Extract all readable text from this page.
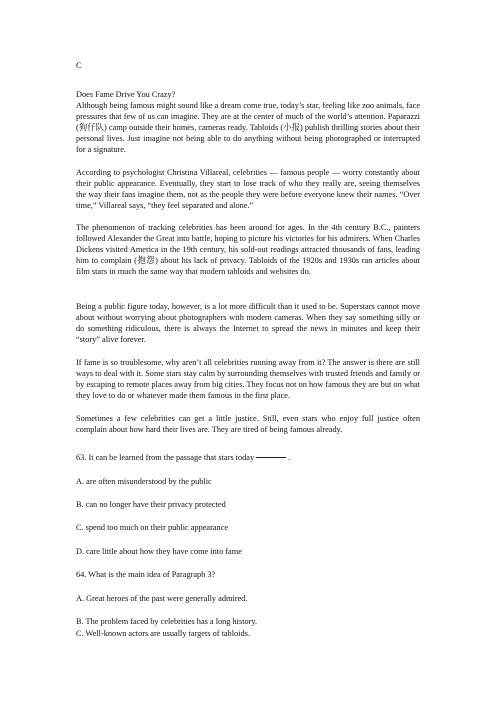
C
Does Fame Drive You Crazy?
Although being famous might sound like a dream come true, today’s star, feeling like zoo animals, face pressures that few of us can imagine. They are at the center of much of the world’s attention. Paparazzi (狗仔队) camp outside their homes, cameras ready. Tabloids (小报) publish thrilling stories about their personal lives. Just imagine not being able to do anything without being photographed or interrupted for a signature.
According to psychologist Christina Villareal, celebrities — famous people — worry constantly about their public appearance. Eventually, they start to lose track of who they really are, seeing themselves the way their fans imagine them, not as the people they were before everyone knew their names. “Over time,” Villareal says, “they feel separated and alone.”
The phenomenon of tracking celebrities has been around for ages. In the 4th century B.C., painters followed Alexander the Great into battle, hoping to picture his victories for his admirers. When Charles Dickens visited America in the 19th century, his sold-out readings attracted thousands of fans, leading him to complain (抱怨) about his lack of privacy. Tabloids of the 1920s and 1930s ran articles about film stars in much the same way that modern tabloids and websites do.
Being a public figure today, however, is a lot more difficult than it used to be. Superstars cannot move about without worrying about photographers with modern cameras. When they say something silly or do something ridiculous, there is always the Internet to spread the news in minutes and keep their “story” alive forever.
If fame is so troublesome, why aren’t all celebrities running away from it? The answer is there are still ways to deal with it. Some stars stay calm by surrounding themselves with trusted friends and family or by escaping to remote places away from big cities. They focus not on how famous they are but on what they love to do or whatever made them famous in the first place.
Sometimes a few celebrities can get a little justice. Still, even stars who enjoy full justice often complain about how hard their lives are. They are tired of being famous already.
63. It can be learned from the passage that stars today	.
A. are often misunderstood by the public
B. can no longer have their privacy protected
C. spend too much on their public appearance
D. care little about how they have come into fame
64. What is the main idea of Paragraph 3?
A. Great heroes of the past were generally admired.
B. The problem faced by celebrities has a long history.
C. Well-known actors are usually targets of tabloids.
